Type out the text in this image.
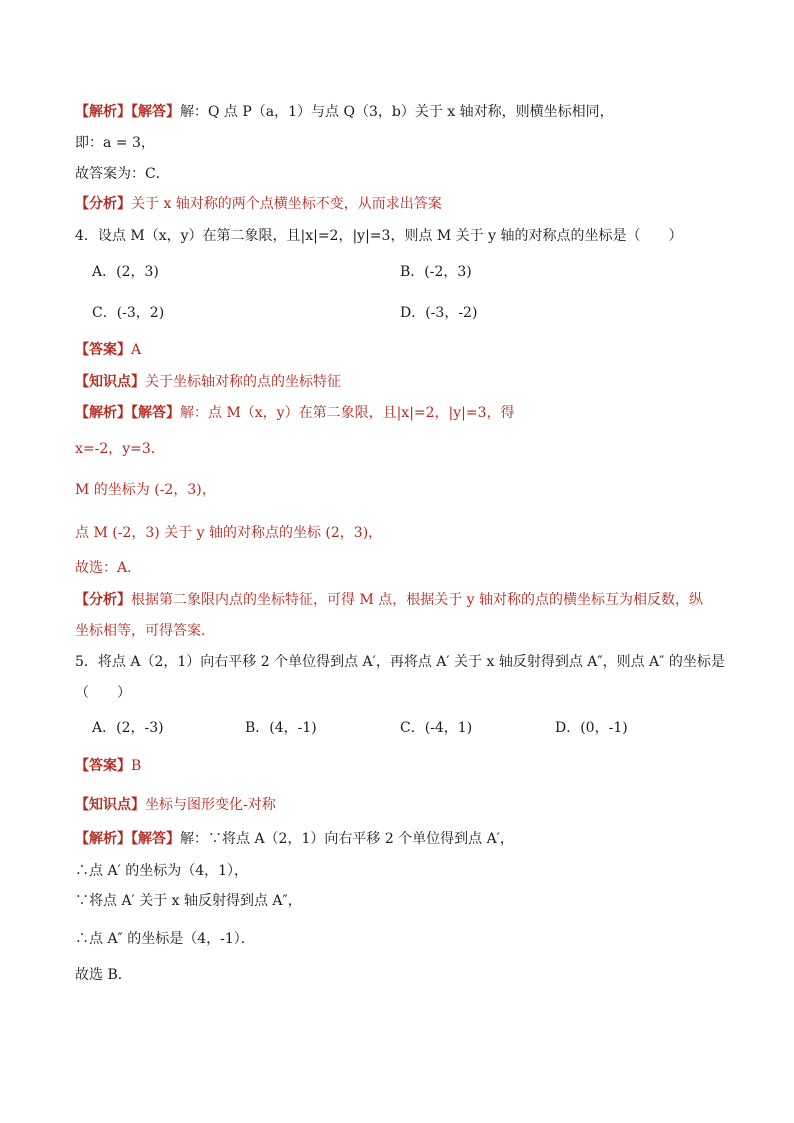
【解析】【解答】解：Q 点 P（a，1）与点 Q（3，b）关于 x 轴对称，则横坐标相同，
即：a = 3，
故答案为：C．
【分析】关于 x 轴对称的两个点横坐标不变，从而求出答案
4．设点 M（x，y）在第二象限，且|x|=2，|y|=3，则点 M 关于 y 轴的对称点的坐标是（　　）
A．(2，3)	B．(-2，3)
C．(-3，2)	D．(-3，-2)
【答案】A
【知识点】关于坐标轴对称的点的坐标特征
【解析】【解答】解：点 M（x，y）在第二象限，且|x|=2，|y|=3，得
x=-2，y=3．
M 的坐标为 (-2，3)，
点 M (-2，3) 关于 y 轴的对称点的坐标 (2，3)，
故选：A．
【分析】根据第二象限内点的坐标特征，可得 M 点，根据关于 y 轴对称的点的横坐标互为相反数，纵
坐标相等，可得答案．
5．将点 A（2，1）向右平移 2 个单位得到点 A′，再将点 A′ 关于 x 轴反射得到点 A″，则点 A″ 的坐标是
（　　）
A．(2，-3)	B．(4，-1)	C．(-4，1)	D．(0，-1)
【答案】B
【知识点】坐标与图形变化-对称
【解析】【解答】解：∵将点 A（2，1）向右平移 2 个单位得到点 A′，
∴点 A′ 的坐标为（4，1），
∵将点 A′ 关于 x 轴反射得到点 A″，
∴点 A″ 的坐标是（4，-1）．
故选 B．
